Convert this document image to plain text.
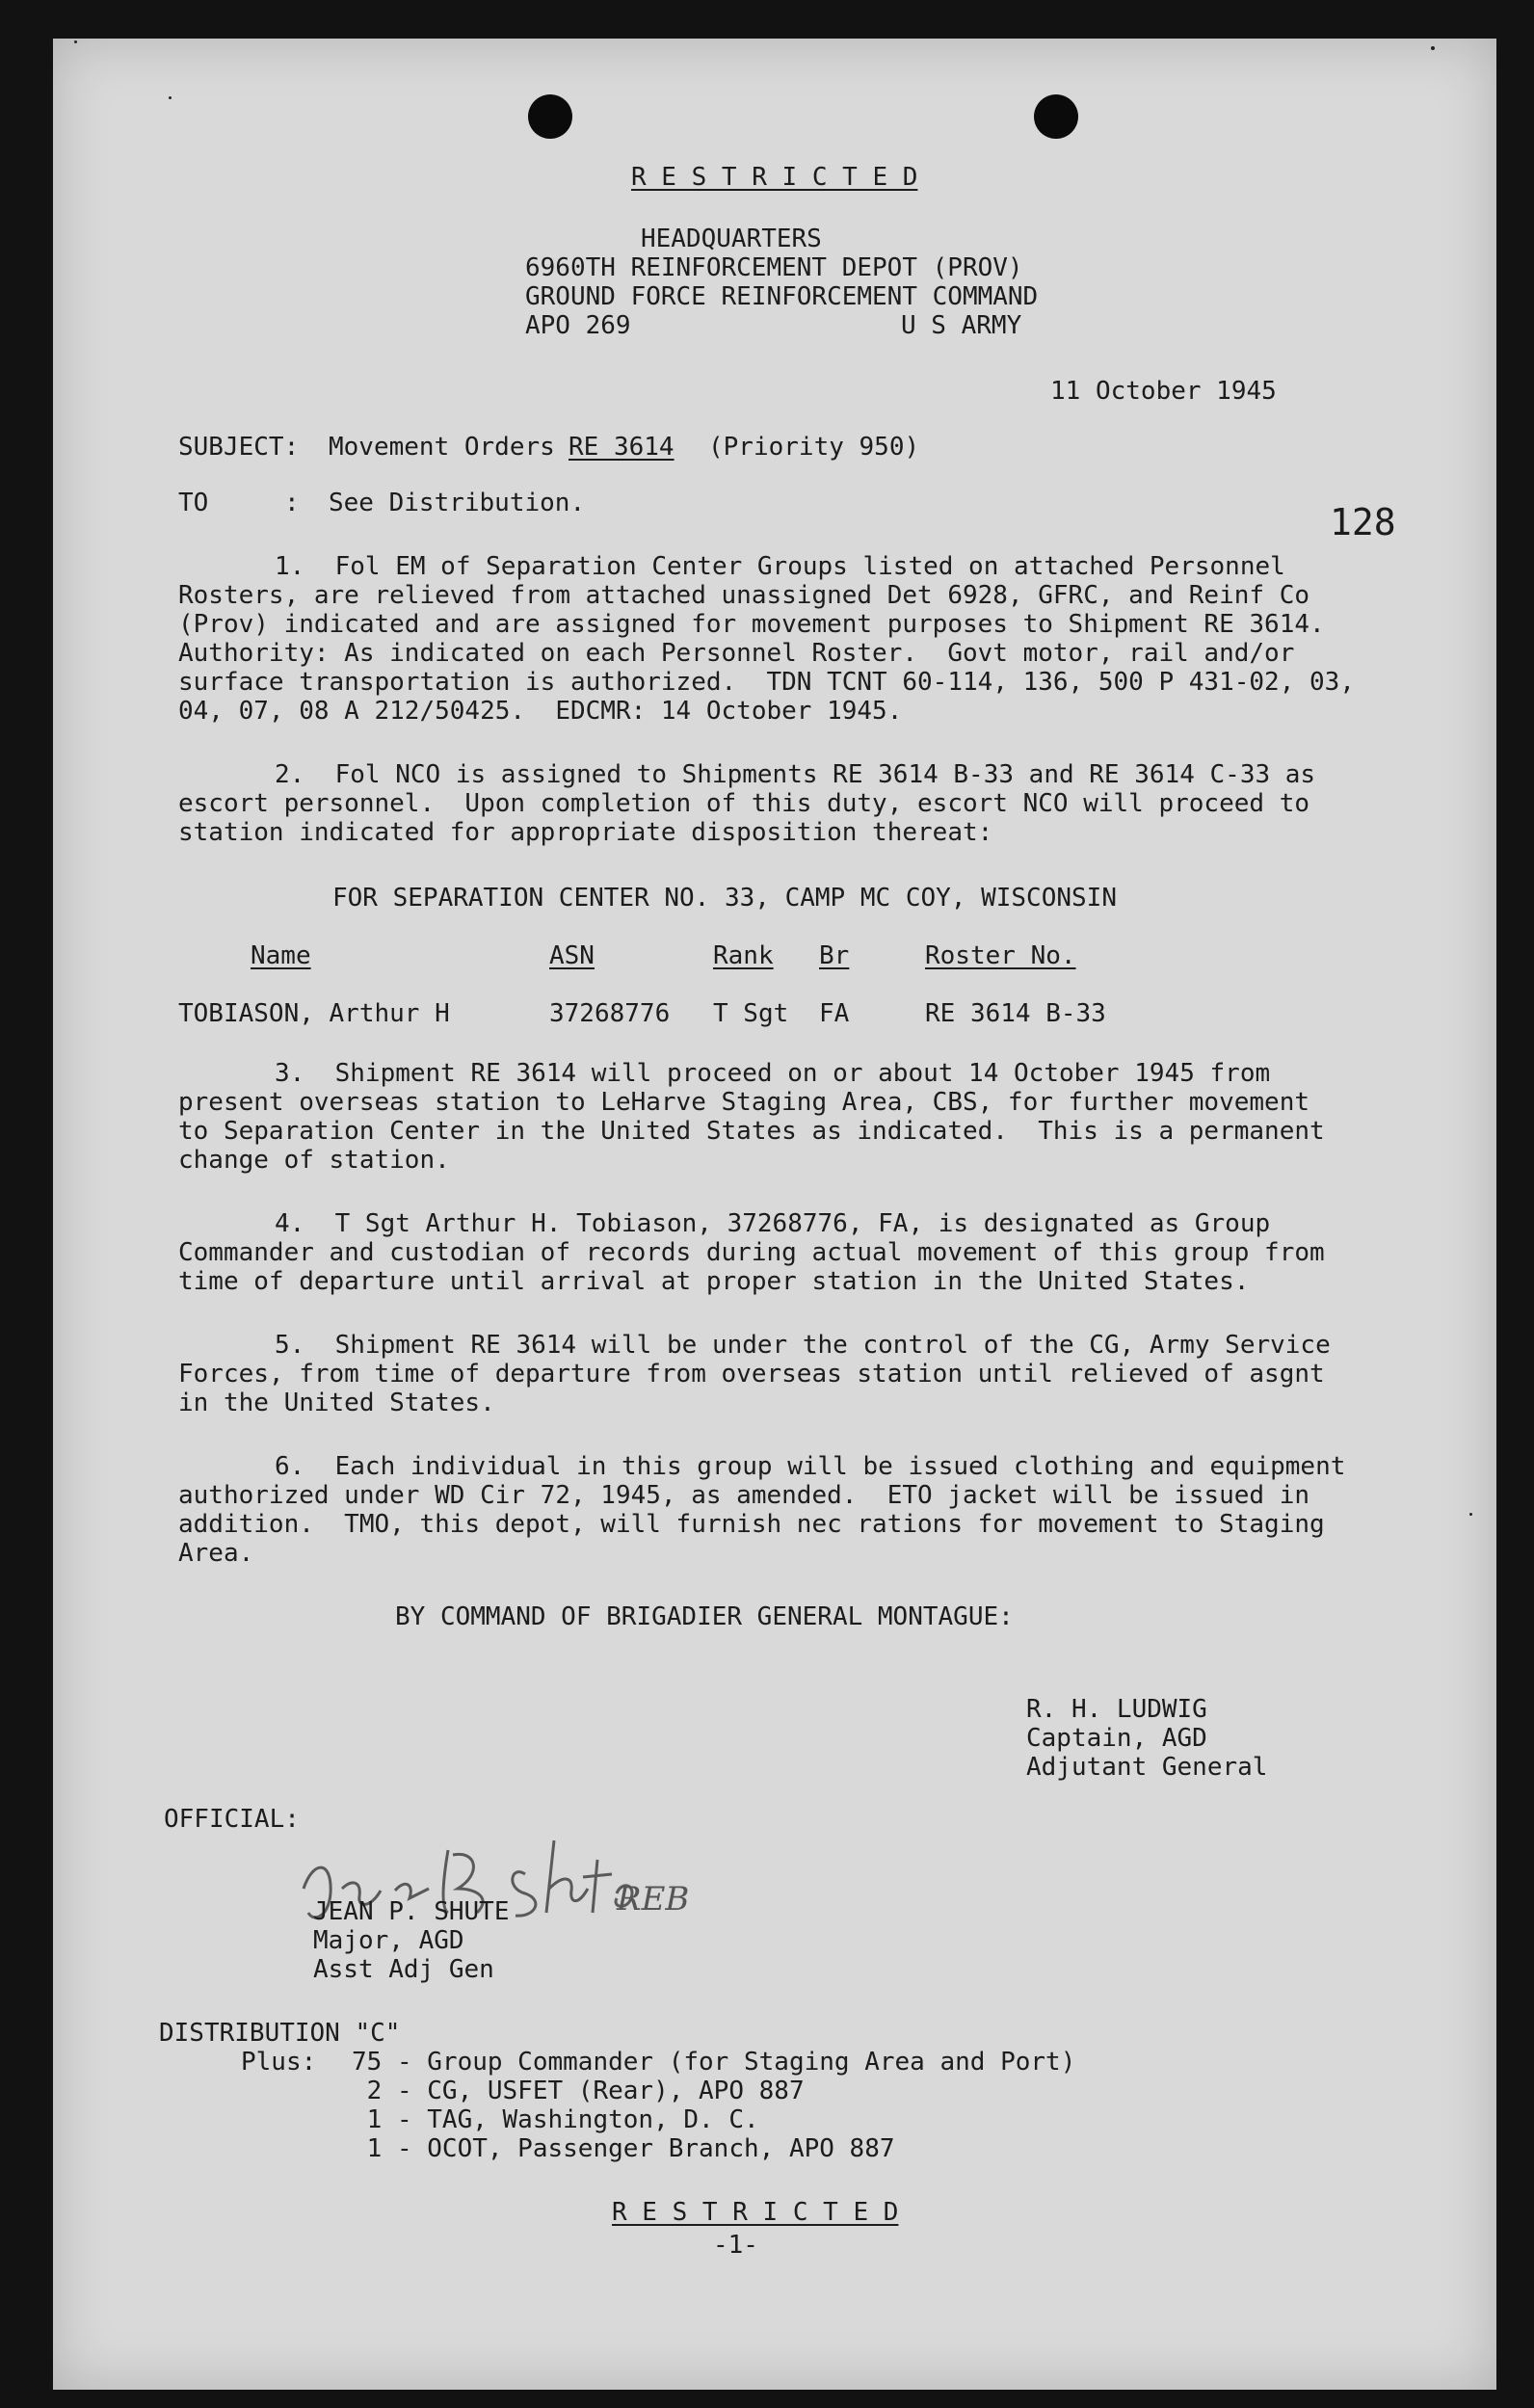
R E S T R I C T E D
HEADQUARTERS
6960TH REINFORCEMENT DEPOT (PROV)
GROUND FORCE REINFORCEMENT COMMAND
APO 269	U S ARMY
11 October 1945
SUBJECT: Movement Orders RE 3614 (Priority 950)
TO	: See Distribution.	128
1.  Fol EM of Separation Center Groups listed on attached Personnel
Rosters, are relieved from attached unassigned Det 6928, GFRC, and Reinf Co
(Prov) indicated and are assigned for movement purposes to Shipment RE 3614.
Authority: As indicated on each Personnel Roster.  Govt motor, rail and/or
surface transportation is authorized.  TDN TCNT 60-114, 136, 500 P 431-02, 03,
04, 07, 08 A 212/50425.  EDCMR: 14 October 1945.
2.  Fol NCO is assigned to Shipments RE 3614 B-33 and RE 3614 C-33 as
escort personnel.  Upon completion of this duty, escort NCO will proceed to
station indicated for appropriate disposition thereat:
FOR SEPARATION CENTER NO. 33, CAMP MC COY, WISCONSIN
Name	ASN	Rank Br	Roster No.
TOBIASON, Arthur H	37268776 T Sgt FA	RE 3614 B-33
3.  Shipment RE 3614 will proceed on or about 14 October 1945 from
present overseas station to LeHarve Staging Area, CBS, for further movement
to Separation Center in the United States as indicated.  This is a permanent
change of station.
4.  T Sgt Arthur H. Tobiason, 37268776, FA, is designated as Group
Commander and custodian of records during actual movement of this group from
time of departure until arrival at proper station in the United States.
5.  Shipment RE 3614 will be under the control of the CG, Army Service
Forces, from time of departure from overseas station until relieved of asgnt
in the United States.
6.  Each individual in this group will be issued clothing and equipment
authorized under WD Cir 72, 1945, as amended.  ETO jacket will be issued in
addition.  TMO, this depot, will furnish nec rations for movement to Staging
Area.
BY COMMAND OF BRIGADIER GENERAL MONTAGUE:
R. H. LUDWIG
Captain, AGD
Adjutant General
OFFICIAL:
REB
JEAN P. SHUTE
Major, AGD
Asst Adj Gen
DISTRIBUTION "C"
Plus: 75 - Group Commander (for Staging Area and Port)
2 - CG, USFET (Rear), APO 887
1 - TAG, Washington, D. C.
1 - OCOT, Passenger Branch, APO 887
R E S T R I C T E D
-1-
